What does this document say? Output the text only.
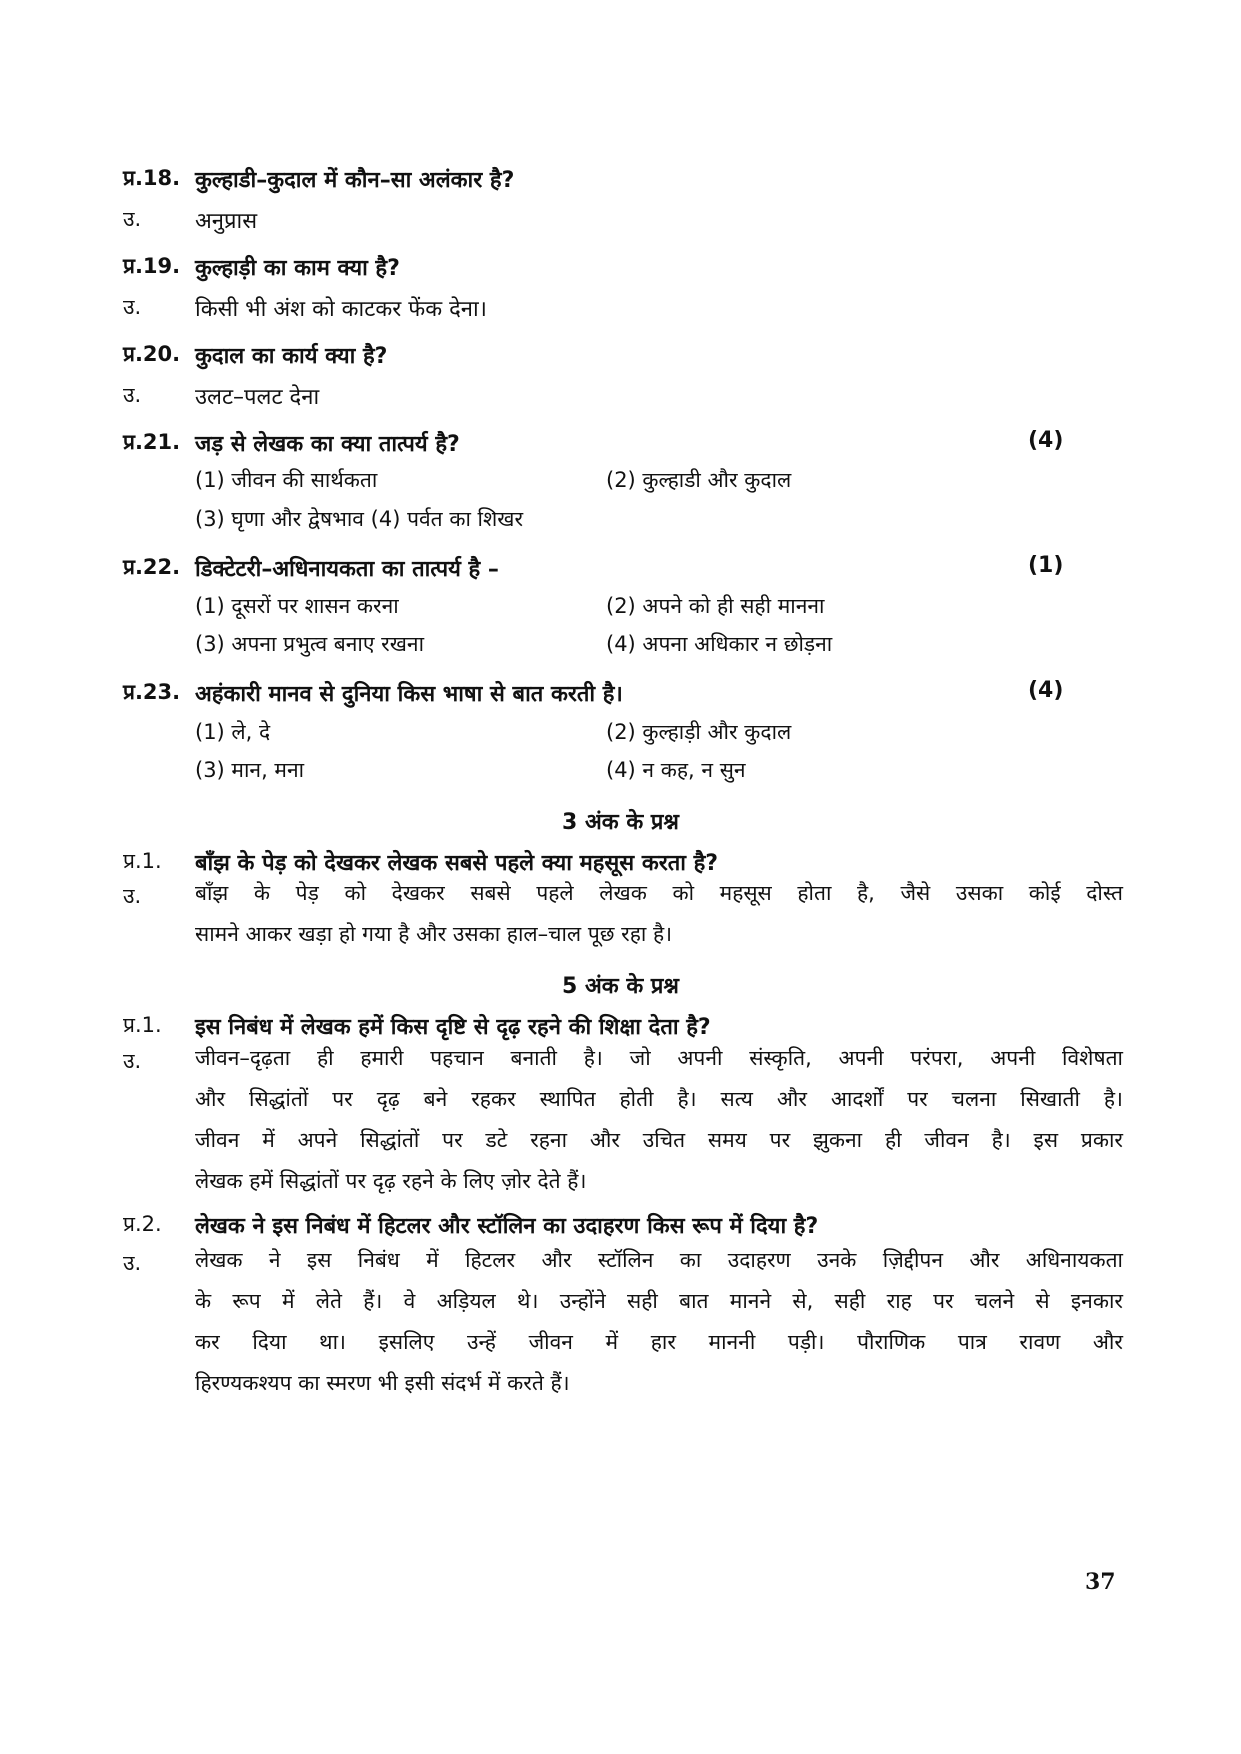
प्र.18. कुल्हाडी–कुदाल में कौन–सा अलंकार है?
उ. अनुप्रास
प्र.19. कुल्हाड़ी का काम क्या है?
उ. किसी भी अंश को काटकर फेंक देना।
प्र.20. कुदाल का कार्य क्या है?
उ. उलट–पलट देना
प्र.21. जड़ से लेखक का क्या तात्पर्य है?	(4)
(1) जीवन की सार्थकता	(2) कुल्हाडी और कुदाल
(3) घृणा और द्वेषभाव (4) पर्वत का शिखर
प्र.22. डिक्टेटरी–अधिनायकता का तात्पर्य है –	(1)
(1) दूसरों पर शासन करना	(2) अपने को ही सही मानना
(3) अपना प्रभुत्व बनाए रखना	(4) अपना अधिकार न छोड़ना
प्र.23. अहंकारी मानव से दुनिया किस भाषा से बात करती है।	(4)
(1) ले, दे	(2) कुल्हाड़ी और कुदाल
(3) मान, मना	(4) न कह, न सुन
3 अंक के प्रश्न
प्र.1. बाँझ के पेड़ को देखकर लेखक सबसे पहले क्या महसूस करता है?
उ.	बाँझ के पेड़ को देखकर सबसे पहले लेखक को महसूस होता है, जैसे उसका कोई दोस्त
सामने आकर खड़ा हो गया है और उसका हाल–चाल पूछ रहा है।
5 अंक के प्रश्न
प्र.1. इस निबंध में लेखक हमें किस दृष्टि से दृढ़ रहने की शिक्षा देता है?
उ.	जीवन–दृढ़ता ही हमारी पहचान बनाती है। जो अपनी संस्कृति, अपनी परंपरा, अपनी विशेषता
और सिद्धांतों पर दृढ़ बने रहकर स्थापित होती है। सत्य और आदर्शों पर चलना सिखाती है।
जीवन में अपने सिद्धांतों पर डटे रहना और उचित समय पर झुकना ही जीवन है। इस प्रकार
लेखक हमें सिद्धांतों पर दृढ़ रहने के लिए ज़ोर देते हैं।
प्र.2. लेखक ने इस निबंध में हिटलर और स्टॉलिन का उदाहरण किस रूप में दिया है?
उ.	लेखक ने इस निबंध में हिटलर और स्टॉलिन का उदाहरण उनके ज़िद्दीपन और अधिनायकता
के रूप में लेते हैं। वे अड़ियल थे। उन्होंने सही बात मानने से, सही राह पर चलने से इनकार
कर दिया था। इसलिए उन्हें जीवन में हार माननी पड़ी। पौराणिक पात्र रावण और
हिरण्यकश्यप का स्मरण भी इसी संदर्भ में करते हैं।
37
